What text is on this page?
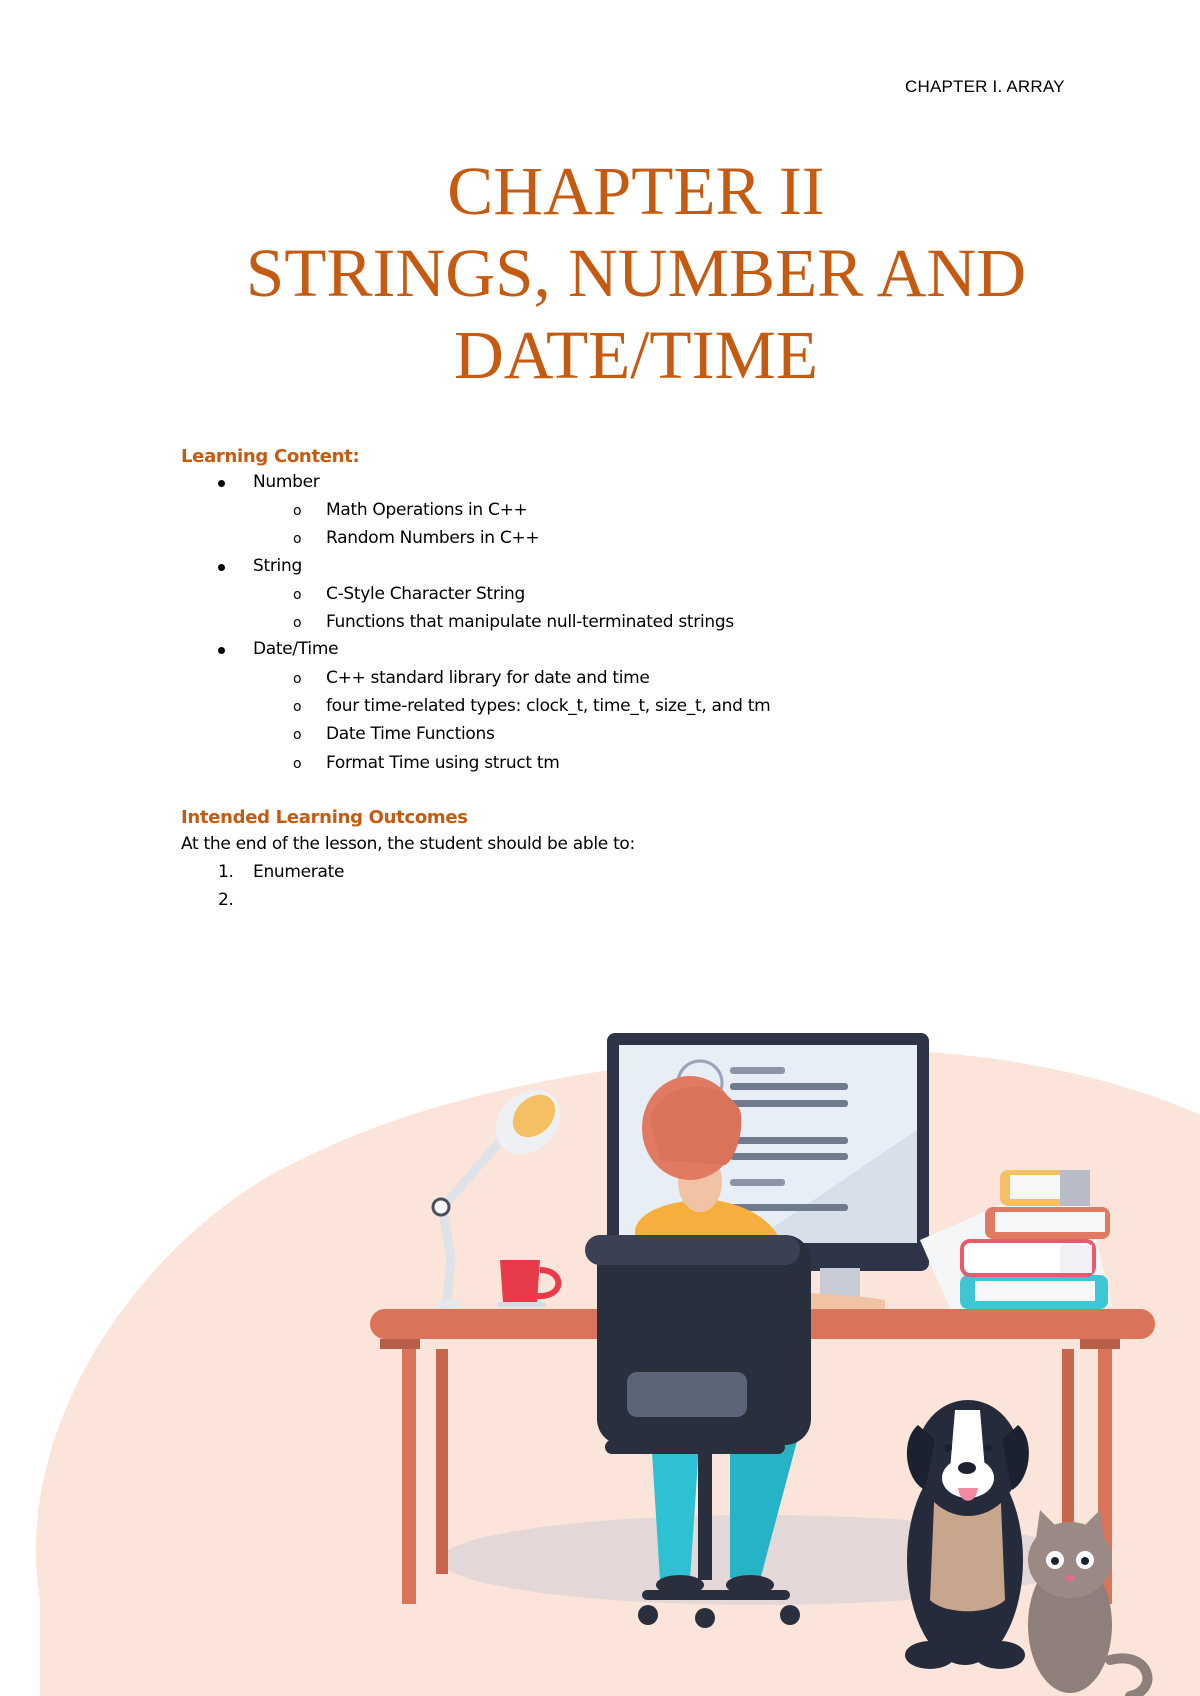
CHAPTER I. ARRAY
CHAPTER II
STRINGS, NUMBER AND
DATE/TIME
Learning Content:
Number
o Math Operations in C++
o Random Numbers in C++
String
o C-Style Character String
o Functions that manipulate null-terminated strings
Date/Time
o C++ standard library for date and time
o four time-related types: clock_t, time_t, size_t, and tm
o Date Time Functions
o Format Time using struct tm
Intended Learning Outcomes
At the end of the lesson, the student should be able to:
1. Enumerate
2.
